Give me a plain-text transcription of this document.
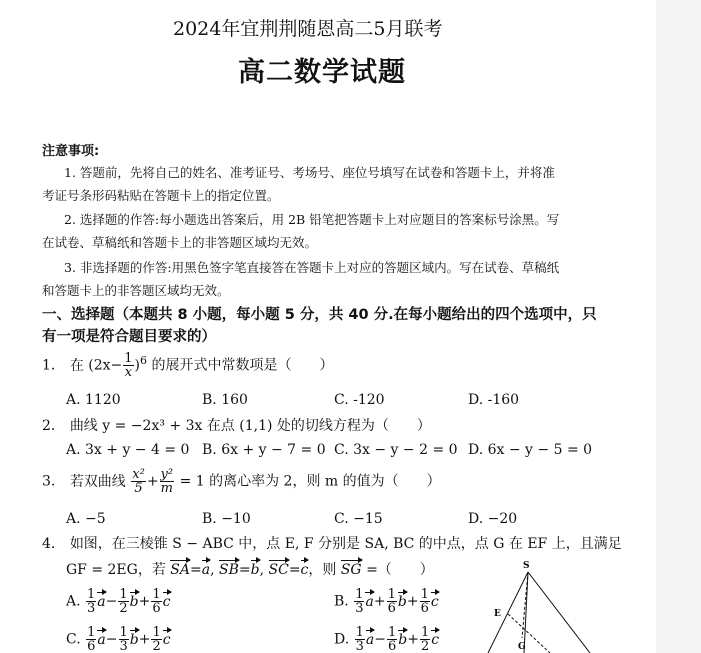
2024年宜荆荆随恩高二5月联考
高二数学试题
注意事项:
1. 答题前，先将自己的姓名、准考证号、考场号、座位号填写在试卷和答题卡上，并将准
考证号条形码粘贴在答题卡上的指定位置。
2. 选择题的作答:每小题选出答案后，用 2B 铅笔把答题卡上对应题目的答案标号涂黑。写
在试卷、草稿纸和答题卡上的非答题区域均无效。
3. 非选择题的作答:用黑色签字笔直接答在答题卡上对应的答题区域内。写在试卷、草稿纸
和答题卡上的非答题区域均无效。
一、选择题（本题共 8 小题，每小题 5 分，共 40 分.在每小题给出的四个选项中，只
有一项是符合题目要求的）
1. 在 $(2x- \frac{1}{x} )^6$ 的展开式中常数项是（　　）
A. 1120	B. 160	C. -120	D. -160
2. 曲线 y = −2x³ + 3x 在点 (1,1) 处的切线方程为（　　）
A. 3x + y − 4 = 0 B. 6x + y − 7 = 0 C. 3x − y − 2 = 0 D. 6x − y − 5 = 0
3. 若双曲线 $\frac{\text{x²}}{5} + \frac{\text{y²}}{m} = 1$ 的离心率为 2，则 m 的值为（　　）
A. −5	B. −10	C. −15	D. −20
4. 如图，在三棱锥 S − ABC 中，点 E, F 分别是 SA, BC 的中点，点 G 在 EF 上，且满足
GF = 2EG，若 SA=a, SB=b, SC=c，则 SG =（　　）
A. $\frac{1}{3} a- \frac{1}{2} b+ \frac{1}{6}$ c	B. $\frac{1}{3} a+ \frac{1}{6} b+ \frac{1}{6}$ c
C. $\frac{1}{6} a- \frac{1}{3} b+ \frac{1}{2}$ c	D. $\frac{1}{3} a- \frac{1}{6} b+ \frac{1}{2}$ c
S
E
G
